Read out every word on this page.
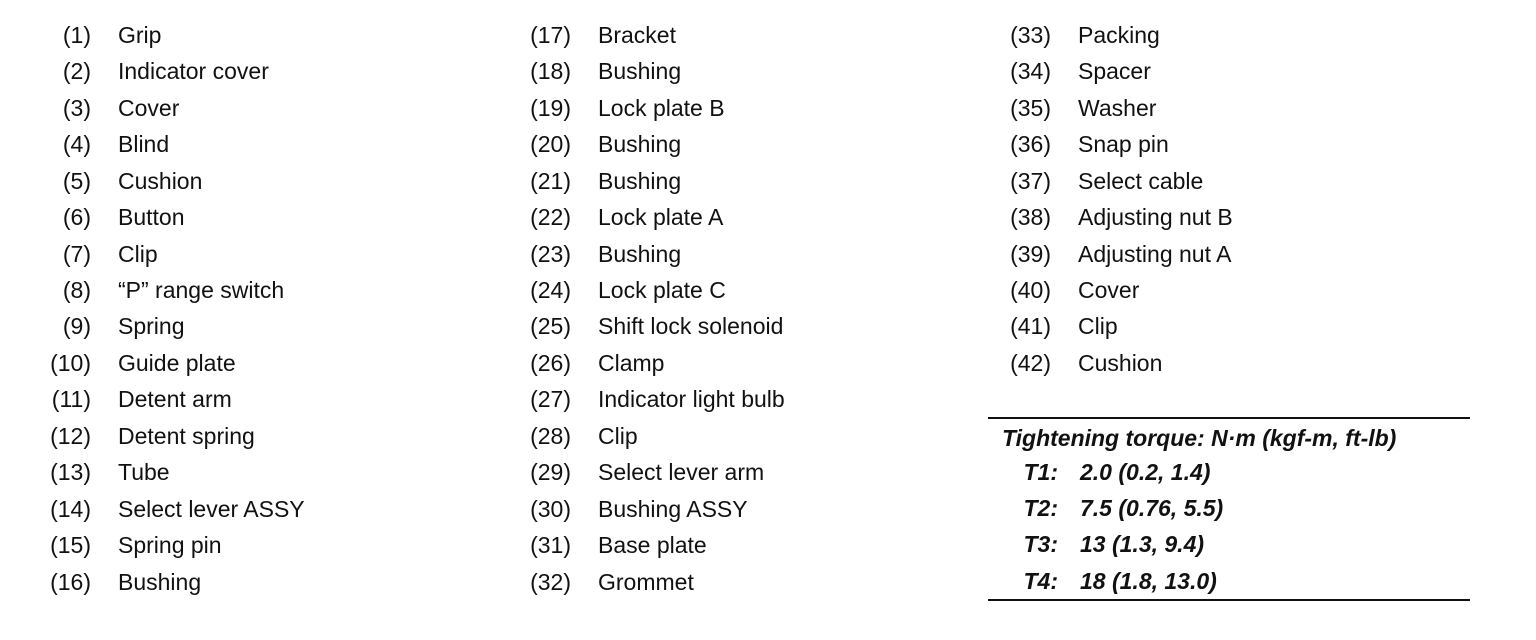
(1) Grip
(2) Indicator cover
(3) Cover
(4) Blind
(5) Cushion
(6) Button
(7) Clip
(8) “P” range switch
(9) Spring
(10) Guide plate
(11) Detent arm
(12) Detent spring
(13) Tube
(14) Select lever ASSY
(15) Spring pin
(16) Bushing
(17) Bracket
(18) Bushing
(19) Lock plate B
(20) Bushing
(21) Bushing
(22) Lock plate A
(23) Bushing
(24) Lock plate C
(25) Shift lock solenoid
(26) Clamp
(27) Indicator light bulb
(28) Clip
(29) Select lever arm
(30) Bushing ASSY
(31) Base plate
(32) Grommet
(33) Packing
(34) Spacer
(35) Washer
(36) Snap pin
(37) Select cable
(38) Adjusting nut B
(39) Adjusting nut A
(40) Cover
(41) Clip
(42) Cushion
Tightening torque: N·m (kgf-m, ft-lb)
T1: 2.0 (0.2, 1.4)
T2: 7.5 (0.76, 5.5)
T3: 13 (1.3, 9.4)
T4: 18 (1.8, 13.0)
